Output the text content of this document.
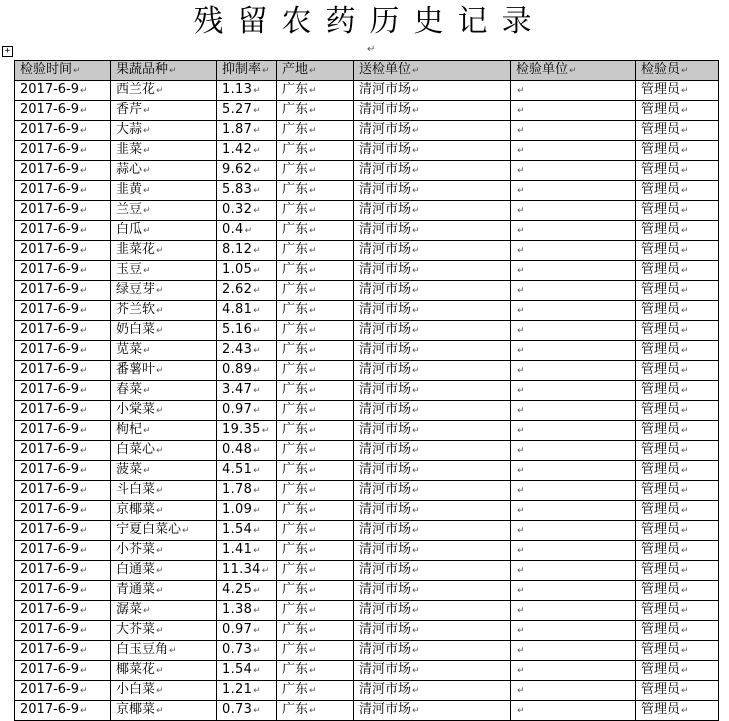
残留农药历史记录
+	↵
检验时间↵	果蔬品种↵	抑制率↵	产地↵	送检单位↵	检验单位↵	检验员↵
2017-6-9↵	西兰花↵	1.13↵	广东↵	清河市场↵	↵	管理员↵
2017-6-9↵	香芹↵	5.27↵	广东↵	清河市场↵	↵	管理员↵
2017-6-9↵	大蒜↵	1.87↵	广东↵	清河市场↵	↵	管理员↵
2017-6-9↵	韭菜↵	1.42↵	广东↵	清河市场↵	↵	管理员↵
2017-6-9↵	蒜心↵	9.62↵	广东↵	清河市场↵	↵	管理员↵
2017-6-9↵	韭黄↵	5.83↵	广东↵	清河市场↵	↵	管理员↵
2017-6-9↵	兰豆↵	0.32↵	广东↵	清河市场↵	↵	管理员↵
2017-6-9↵	白瓜↵	0.4↵	广东↵	清河市场↵	↵	管理员↵
2017-6-9↵	韭菜花↵	8.12↵	广东↵	清河市场↵	↵	管理员↵
2017-6-9↵	玉豆↵	1.05↵	广东↵	清河市场↵	↵	管理员↵
2017-6-9↵	绿豆芽↵	2.62↵	广东↵	清河市场↵	↵	管理员↵
2017-6-9↵	芥兰软↵	4.81↵	广东↵	清河市场↵	↵	管理员↵
2017-6-9↵	奶白菜↵	5.16↵	广东↵	清河市场↵	↵	管理员↵
2017-6-9↵	苋菜↵	2.43↵	广东↵	清河市场↵	↵	管理员↵
2017-6-9↵	番薯叶↵	0.89↵	广东↵	清河市场↵	↵	管理员↵
2017-6-9↵	春菜↵	3.47↵	广东↵	清河市场↵	↵	管理员↵
2017-6-9↵	小棠菜↵	0.97↵	广东↵	清河市场↵	↵	管理员↵
2017-6-9↵	枸杞↵	19.35↵	广东↵	清河市场↵	↵	管理员↵
2017-6-9↵	白菜心↵	0.48↵	广东↵	清河市场↵	↵	管理员↵
2017-6-9↵	菠菜↵	4.51↵	广东↵	清河市场↵	↵	管理员↵
2017-6-9↵	斗白菜↵	1.78↵	广东↵	清河市场↵	↵	管理员↵
2017-6-9↵	京椰菜↵	1.09↵	广东↵	清河市场↵	↵	管理员↵
2017-6-9↵	宁夏白菜心↵	1.54↵	广东↵	清河市场↵	↵	管理员↵
2017-6-9↵	小芥菜↵	1.41↵	广东↵	清河市场↵	↵	管理员↵
2017-6-9↵	白通菜↵	11.34↵	广东↵	清河市场↵	↵	管理员↵
2017-6-9↵	青通菜↵	4.25↵	广东↵	清河市场↵	↵	管理员↵
2017-6-9↵	潺菜↵	1.38↵	广东↵	清河市场↵	↵	管理员↵
2017-6-9↵	大芥菜↵	0.97↵	广东↵	清河市场↵	↵	管理员↵
2017-6-9↵	白玉豆角↵	0.73↵	广东↵	清河市场↵	↵	管理员↵
2017-6-9↵	椰菜花↵	1.54↵	广东↵	清河市场↵	↵	管理员↵
2017-6-9↵	小白菜↵	1.21↵	广东↵	清河市场↵	↵	管理员↵
2017-6-9↵	京椰菜↵	0.73↵	广东↵	清河市场↵	↵	管理员↵
